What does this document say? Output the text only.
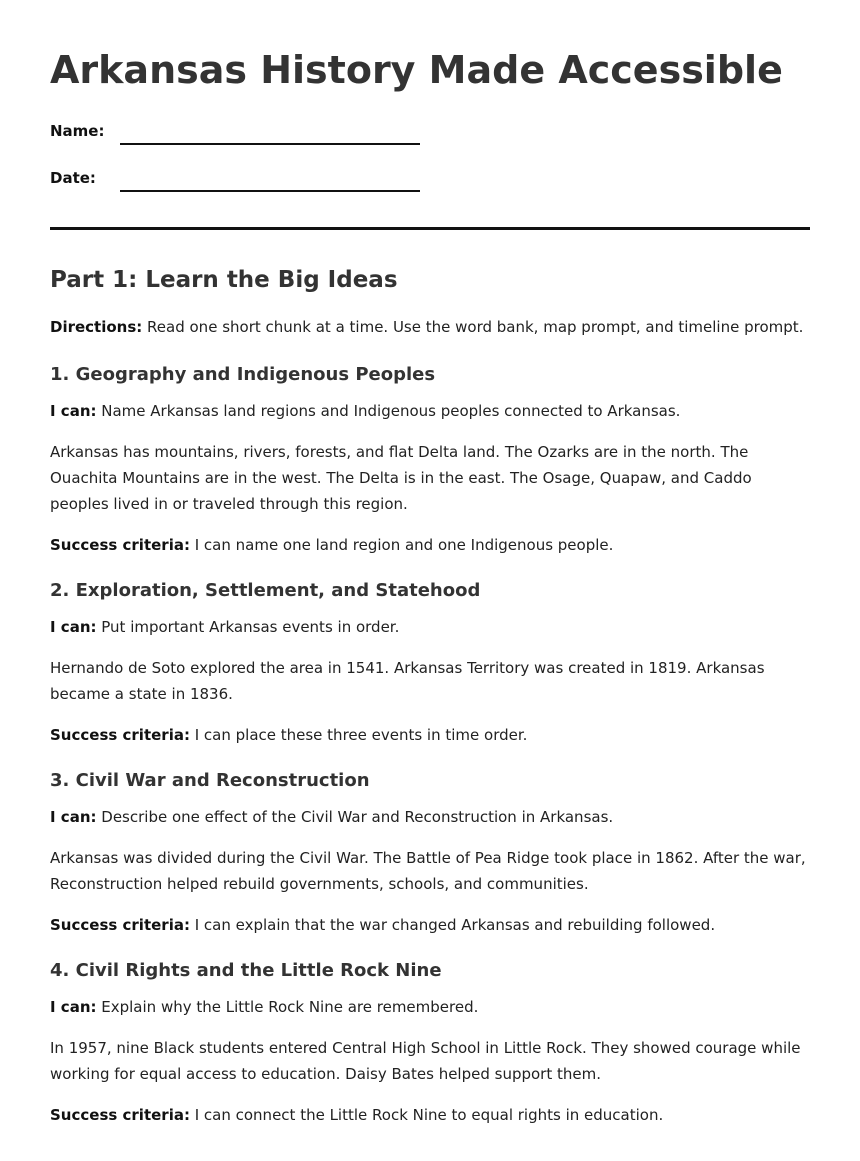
Arkansas History Made Accessible
Name:
Date:
Part 1: Learn the Big Ideas

Directions: Read one short chunk at a time. Use the word bank, map prompt, and timeline prompt.

1. Geography and Indigenous Peoples

I can: Name Arkansas land regions and Indigenous peoples connected to Arkansas.

Arkansas has mountains, rivers, forests, and flat Delta land. The Ozarks are in the north. The Ouachita Mountains are in the west. The Delta is in the east. The Osage, Quapaw, and Caddo peoples lived in or traveled through this region.

Success criteria: I can name one land region and one Indigenous people.

2. Exploration, Settlement, and Statehood

I can: Put important Arkansas events in order.

Hernando de Soto explored the area in 1541. Arkansas Territory was created in 1819. Arkansas became a state in 1836.

Success criteria: I can place these three events in time order.

3. Civil War and Reconstruction

I can: Describe one effect of the Civil War and Reconstruction in Arkansas.

Arkansas was divided during the Civil War. The Battle of Pea Ridge took place in 1862. After the war, Reconstruction helped rebuild governments, schools, and communities.

Success criteria: I can explain that the war changed Arkansas and rebuilding followed.

4. Civil Rights and the Little Rock Nine

I can: Explain why the Little Rock Nine are remembered.

In 1957, nine Black students entered Central High School in Little Rock. They showed courage while working for equal access to education. Daisy Bates helped support them.

Success criteria: I can connect the Little Rock Nine to equal rights in education.
